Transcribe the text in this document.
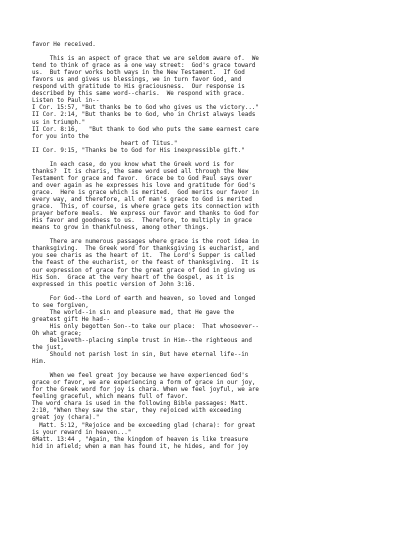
favor He received.
This is an aspect of grace that we are seldom aware of.  We
tend to think of grace as a one way street:  God's grace toward
us.  But favor works both ways in the New Testament.  If God
favors us and gives us blessings, we in turn favor God, and
respond with gratitude to His graciousness.  Our response is
described by this same word--charis.  We respond with grace.
Listen to Paul in--
I Cor. 15:57, "But thanks be to God who gives us the victory..."
II Cor. 2:14, "But thanks be to God, who in Christ always leads
us in triumph."
II Cor. 8:16,   "But thank to God who puts the same earnest care
for you into the
heart of Titus."
II Cor. 9:15, "Thanks be to God for His inexpressible gift."
In each case, do you know what the Greek word is for
thanks?  It is charis, the same word used all through the New
Testament for grace and favor.  Grace be to God Paul says over
and over again as he expresses his love and gratitude for God's
grace.  Here is grace which is merited.  God merits our favor in
every way, and therefore, all of man's grace to God is merited
grace.  This, of course, is where grace gets its connection with
prayer before meals.  We express our favor and thanks to God for
His favor and goodness to us.  Therefore, to multiply in grace
means to grow in thankfulness, among other things.
There are numerous passages where grace is the root idea in
thanksgiving.  The Greek word for thanksgiving is eucharist, and
you see charis as the heart of it.  The Lord's Supper is called
the feast of the eucharist, or the feast of thanksgiving.  It is
our expression of grace for the great grace of God in giving us
His Son.  Grace at the very heart of the Gospel, as it is
expressed in this poetic version of John 3:16.
For God--the Lord of earth and heaven, so loved and longed
to see forgiven,
The world--in sin and pleasure mad, that He gave the
greatest gift He had--
His only begotten Son--to take our place:  That whosoever--
Oh what grace;
Believeth--placing simple trust in Him--the righteous and
the just,
Should not parish lost in sin, But have eternal life--in
Him.
When we feel great joy because we have experienced God's
grace or favor, we are experiencing a form of grace in our joy,
for the Greek word for joy is chara. When we feel joyful, we are
feeling graceful, which means full of favor.
The word chara is used in the following Bible passages: Matt.
2:10, "When they saw the star, they rejoiced with exceeding
great joy (chara)."
Matt. 5:12, "Rejoice and be exceeding glad (chara): for great
is your reward in heaven..."
6Matt. 13:44 , "Again, the kingdom of heaven is like treasure
hid in afield; when a man has found it, he hides, and for joy
